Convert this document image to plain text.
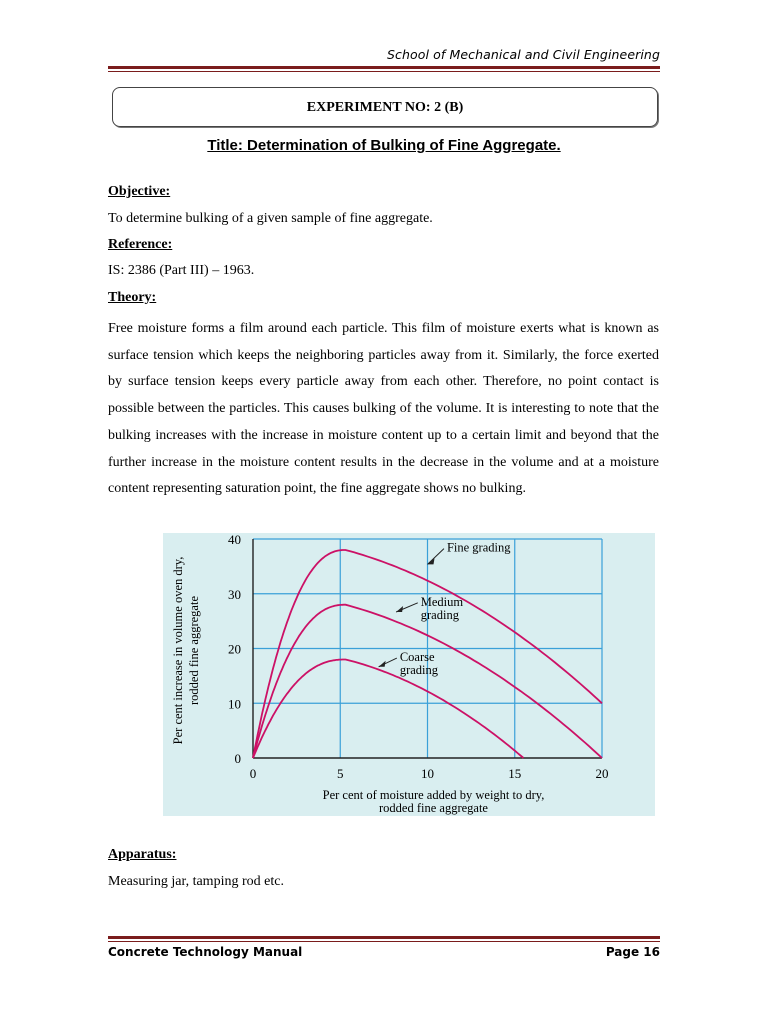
School of Mechanical and Civil Engineering
EXPERIMENT NO: 2 (B)
Title: Determination of Bulking of Fine Aggregate.
Objective:
To determine bulking of a given sample of fine aggregate.
Reference:
IS: 2386 (Part III) – 1963.
Theory:
Free moisture forms a film around each particle. This film of moisture exerts what is known as surface tension which keeps the neighboring particles away from it. Similarly, the force exerted by surface tension keeps every particle away from each other. Therefore, no point contact is possible between the particles. This causes bulking of the volume. It is interesting to note that the bulking increases with the increase in moisture content up to a certain limit and beyond that the further increase in the moisture content results in the decrease in the volume and at a moisture content representing saturation point, the fine aggregate shows no bulking.
0	5	10	15	20
0
10
20
30
40
Per cent of moisture added by weight to dry,
rodded fine aggregate
Per cent increase in volume oven dry, rodded fine aggregate
Fine grading
Medium
grading
Coarse
grading
Apparatus:
Measuring jar, tamping rod etc.
Concrete Technology Manual	Page 16
